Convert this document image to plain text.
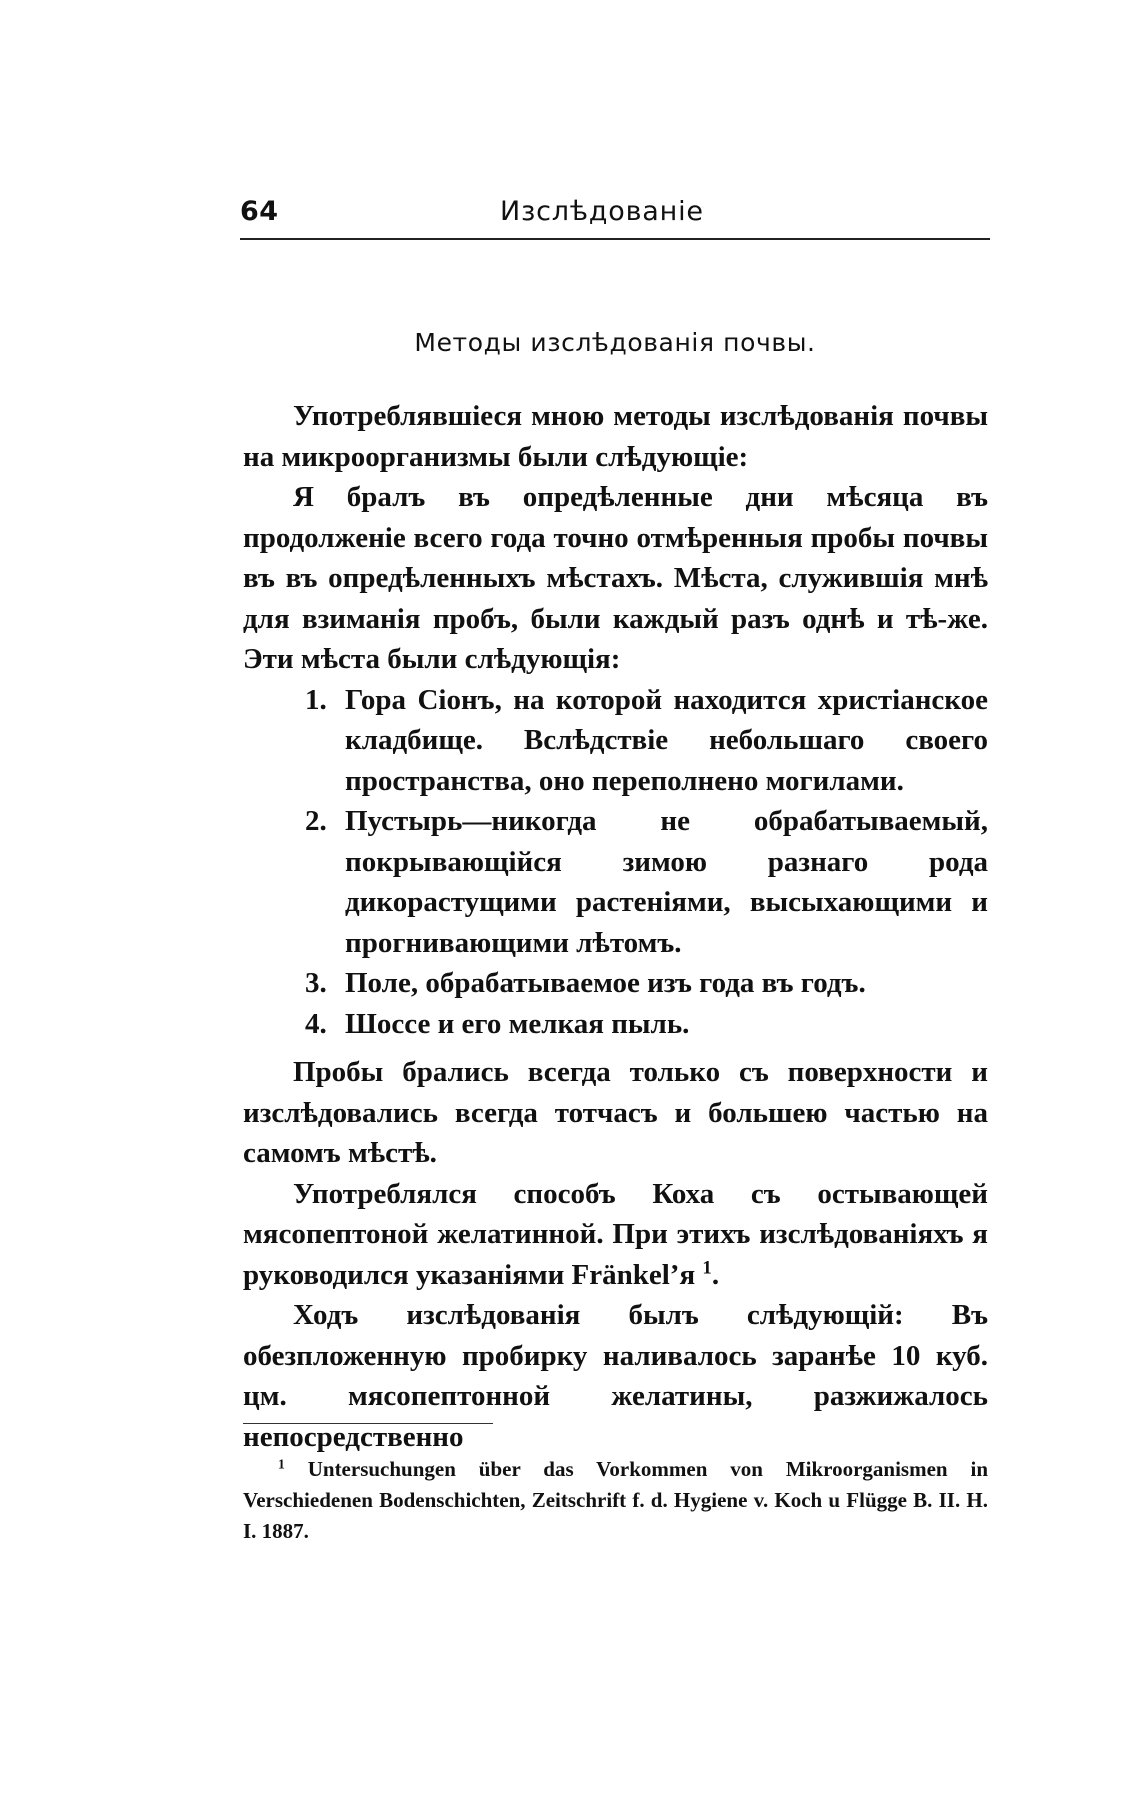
64	Изслѣдованіе
Методы изслѣдованія почвы.

Употреблявшіеся мною методы изслѣдованія почвы на микроорганизмы были слѣдующіе:

Я бралъ въ опредѣленные дни мѣсяца въ продолженіе всего года точно отмѣренныя пробы почвы въ въ опредѣленныхъ мѣстахъ. Мѣста, служившія мнѣ для взиманія пробъ, были каждый разъ однѣ и тѣ-же. Эти мѣста были слѣдующія:

1. Гора Сіонъ, на которой находится христіанское кладбище. Вслѣдствіе небольшаго своего пространства, оно переполнено могилами.
2. Пустырь—никогда не обрабатываемый, покрывающійся зимою разнаго рода дикорастущими растеніями, высыхающими и прогнивающими лѣтомъ.
3. Поле, обрабатываемое изъ года въ годъ.
4. Шоссе и его мелкая пыль.

Пробы брались всегда только съ поверхности и изслѣдовались всегда тотчасъ и большею частью на самомъ мѣстѣ.

Употреблялся способъ Коха съ остывающей мясопептоной желатинной. При этихъ изслѣдованіяхъ я руководился указаніями Fränkel’я $^1$.

Ходъ изслѣдованія былъ слѣдующій: Въ обезпложенную пробирку наливалось заранѣе 10 куб. цм. мясопептонной желатины, разжижалось непосредственно

$^1$ Untersuchungen über das Vorkommen von Mikroorganismen in Verschiedenen Bodenschichten, Zeitschrift f. d. Hygiene v. Koch u Flügge B. II. H. I. 1887.
